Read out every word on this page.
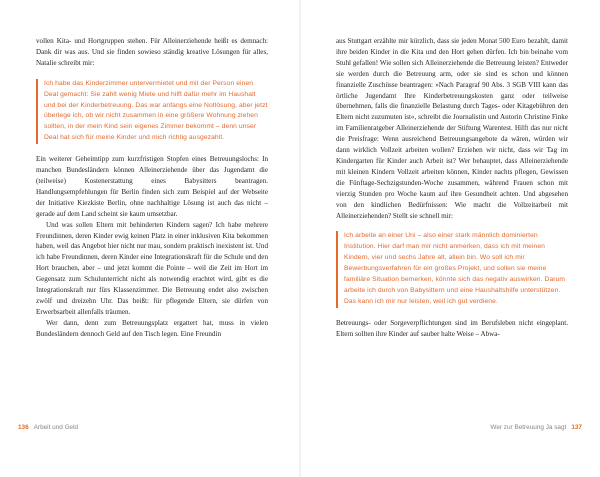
vollen Kita- und Hortgruppen stehen. Für Alleinerziehende heißt es demnach: Dank dir was aus. Und sie finden sowieso ständig kreative Lösungen für alles, Natalie schreibt mir:

Ich habe das Kinderzimmer untervermietet und mit der Person einen Deal gemacht: Sie zahlt wenig Miete und hilft dafür mehr im Haushalt und bei der Kinderbetreuung. Das war anfangs eine Notlösung, aber jetzt überlege ich, ob wir nicht zusammen in eine größere Wohnung ziehen sollten, in der mein Kind sein eigenes Zimmer bekommt – denn unser Deal hat sich für meine Kinder und mich richtig ausgezahlt.

Ein weiterer Geheimtipp zum kurzfristigen Stopfen eines Betreuungslochs: In manchen Bundesländern können Alleinerziehende über das Jugendamt die (teilweise) Kostenerstattung eines Babysitters beantragen. Handlungsempfehlungen für Berlin finden sich zum Beispiel auf der Webseite der Initiative Kiezkiste Berlin, ohne nachhaltige Lösung ist auch das nicht – gerade auf dem Land scheint sie kaum umsetzbar.

Und was sollen Eltern mit behinderten Kindern sagen? Ich habe mehrere Freundinnen, deren Kinder ewig keinen Platz in einer inklusiven Kita bekommen haben, weil das Angebot hier nicht nur mau, sondern praktisch inexistent ist. Und ich habe Freundinnen, deren Kinder eine Integrationskraft für die Schule und den Hort brauchen, aber – und jetzt kommt die Pointe – weil die Zeit im Hort im Gegensatz zum Schulunterricht nicht als notwendig erachtet wird, gibt es die Integrationskraft nur fürs Klassenzimmer. Die Betreuung endet also zwischen zwölf und dreizehn Uhr. Das heißt: für pflegende Eltern, sie dürfen von Erwerbsarbeit allenfalls träumen.

Wer dann, denn zum Betreuungsplatz ergattert hat, muss in vielen Bundesländern dennoch Geld auf den Tisch legen. Eine Freundin

aus Stuttgart erzählte mir kürzlich, dass sie jeden Monat 500 Euro bezahlt, damit ihre beiden Kinder in die Kita und den Hort gehen dürfen. Ich bin beinahe vom Stuhl gefallen! Wie sollen sich Alleinerziehende die Betreuung leisten? Entweder sie werden durch die Betreuung arm, oder sie sind es schon und können finanzielle Zuschüsse beantragen: »Nach Paragraf 90 Abs. 3 SGB VIII kann das örtliche Jugendamt Ihre Kinderbetreuungskosten ganz oder teilweise übernehmen, falls die finanzielle Belastung durch Tages- oder Kitagebühren den Eltern nicht zuzumuten ist«, schreibt die Journalistin und Autorin Christine Finke im Familienratgeber Alleinerziehende der Stiftung Warentest. Hilft das nur nicht die Preisfrage: Wenn ausreichend Betreuungsangebote da wären, würden wir dann wirklich Vollzeit arbeiten wollen? Erziehen wir nicht, dass wir Tag im Kindergarten für Kinder auch Arbeit ist? Wer behauptet, dass Alleinerziehende mit kleinen Kindern Vollzeit arbeiten können, Kinder nachts pflegen, Gewissen die Fünftage-Sechzigstunden-Woche zusammen, während Frauen schon mit vierzig Stunden pro Woche kaum auf ihre Gesundheit achten. Und abgesehen von den kindlichen Bedürfnissen: Wie macht die Vollzeitarbeit mit Alleinerziehenden? Stellt sie schnell mir:

Ich arbeite an einer Uni – also einer stark männlich dominierten Institution. Hier darf man mir nicht anmerken, dass ich mit meinen Kindern, vier und sechs Jahre alt, allein bin. Wo soll ich mir Bewerbungsverfahren für ein großes Projekt, und sollen sie meine familiäre Situation bemerken, könnte sich das negativ auswirken. Darum arbeite ich durch von Babysittern und eine Haushaltshilfe unterstützen. Das kann ich mir nur leisten, weil ich gut verdiene.

Betreuungs- oder Sorgeverpflichtungen sind im Berufsleben nicht eingeplant. Eltern sollten ihre Kinder auf sauber halte Weise – Abwa-

136 Arbeit und Geld	Wer zur Betreuung Ja sagt 137
